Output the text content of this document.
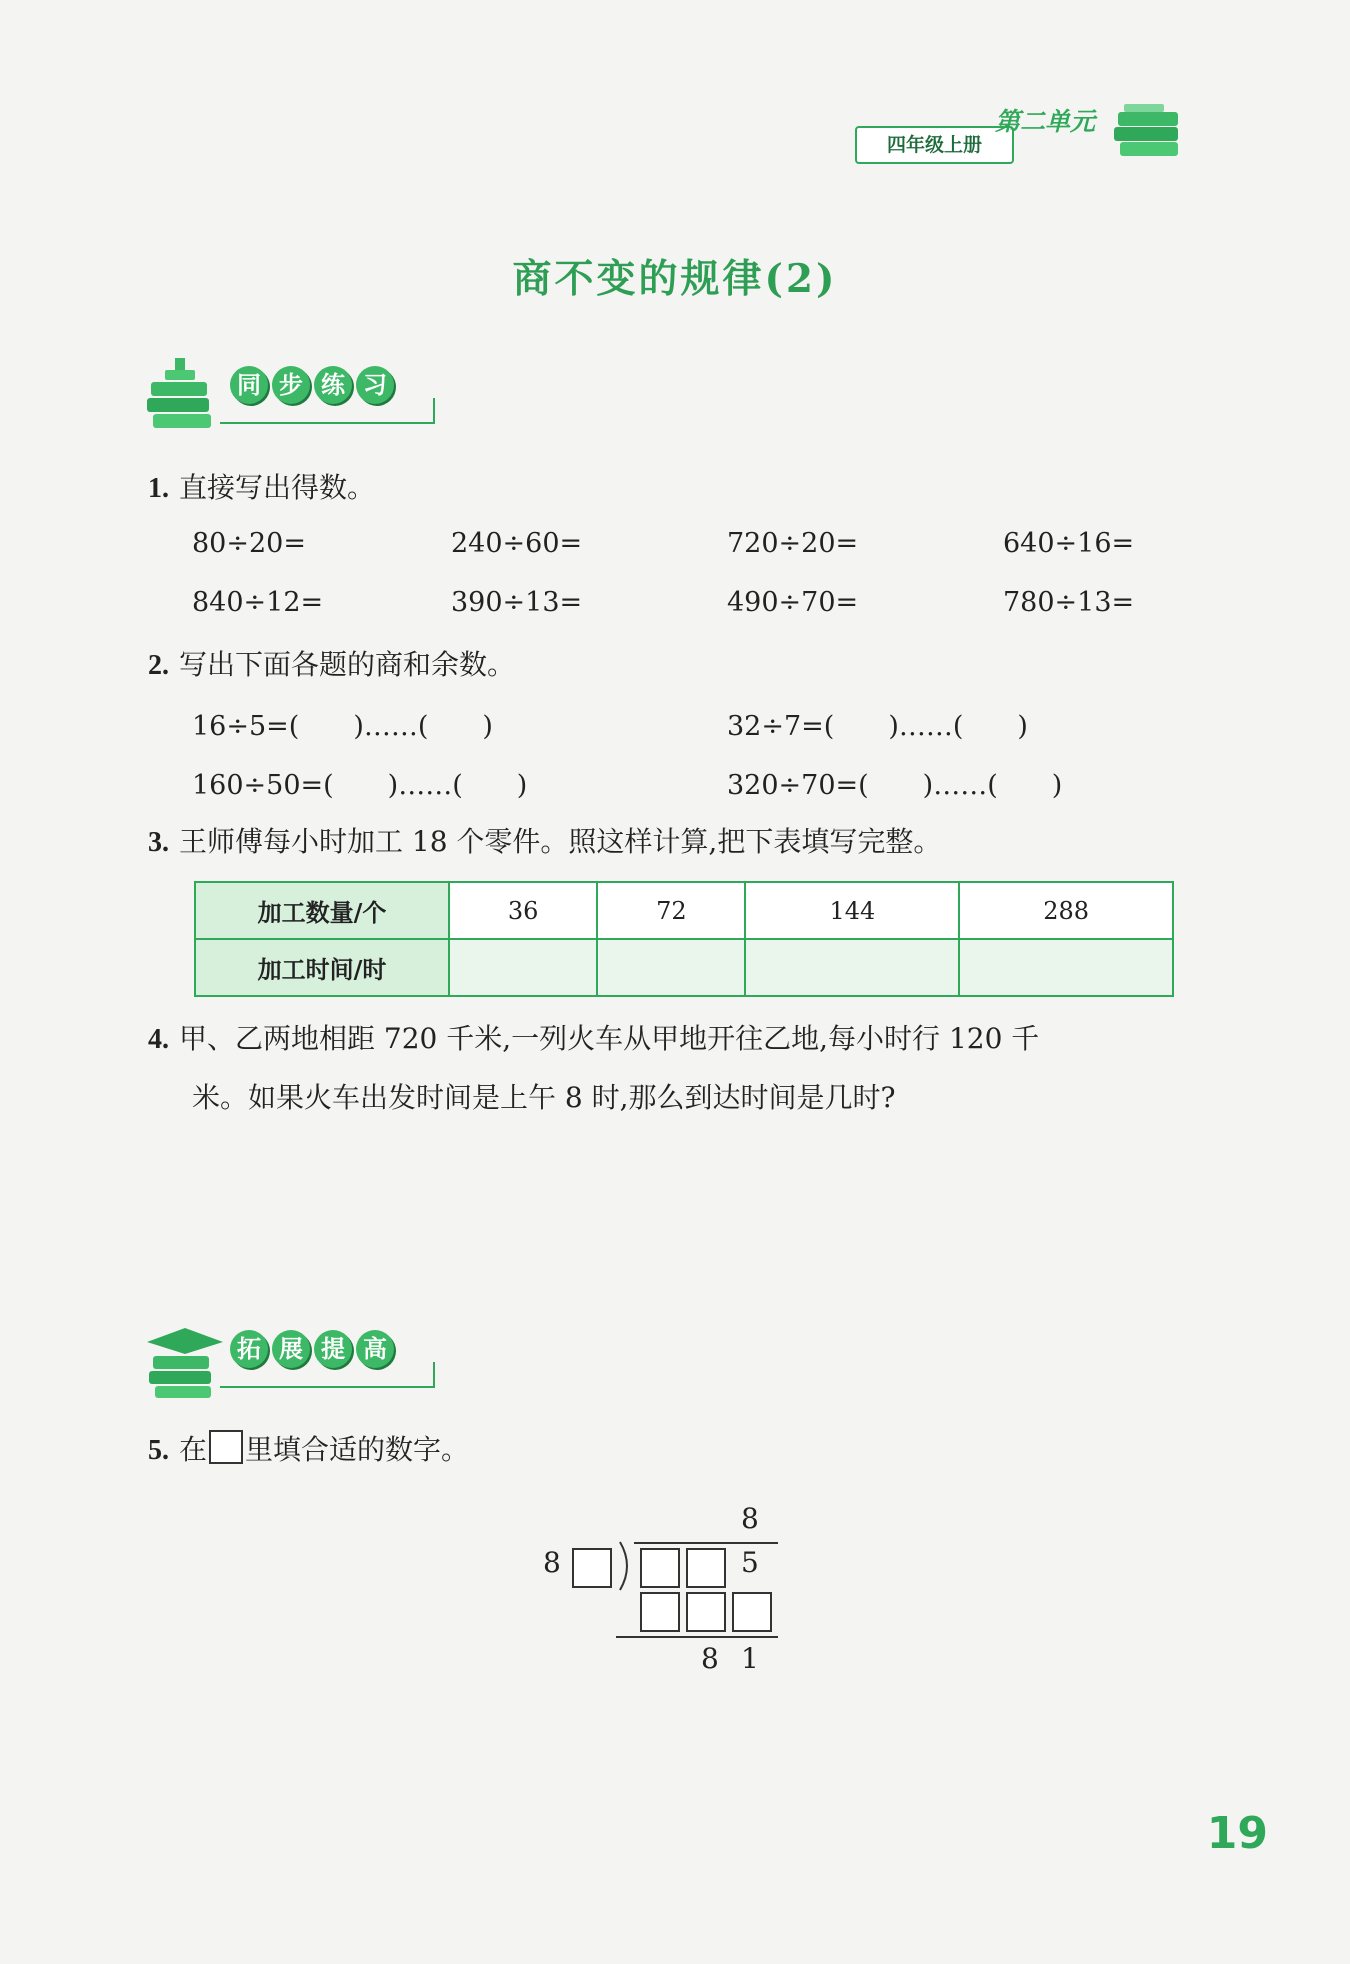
四年级上册
第二单元
商不变的规律(2)
同 步 练 习
1. 直接写出得数。
80÷20=	240÷60=	720÷20=	640÷16=
840÷12=	390÷13=	490÷70=	780÷13=
2. 写出下面各题的商和余数。
16÷5=(　　)……(　　)	32÷7=(　　)……(　　)
160÷50=(　　)……(　　)	320÷70=(　　)……(　　)
3. 王师傅每小时加工 18 个零件。照这样计算,把下表填写完整。
加工数量/个	36	72	144	288
加工时间/时				
4. 甲、乙两地相距 720 千米,一列火车从甲地开往乙地,每小时行 120 千
米。如果火车出发时间是上午 8 时,那么到达时间是几时?
拓 展 提 高
5. 在 里填合适的数字。
8
8	5
8 1
19
